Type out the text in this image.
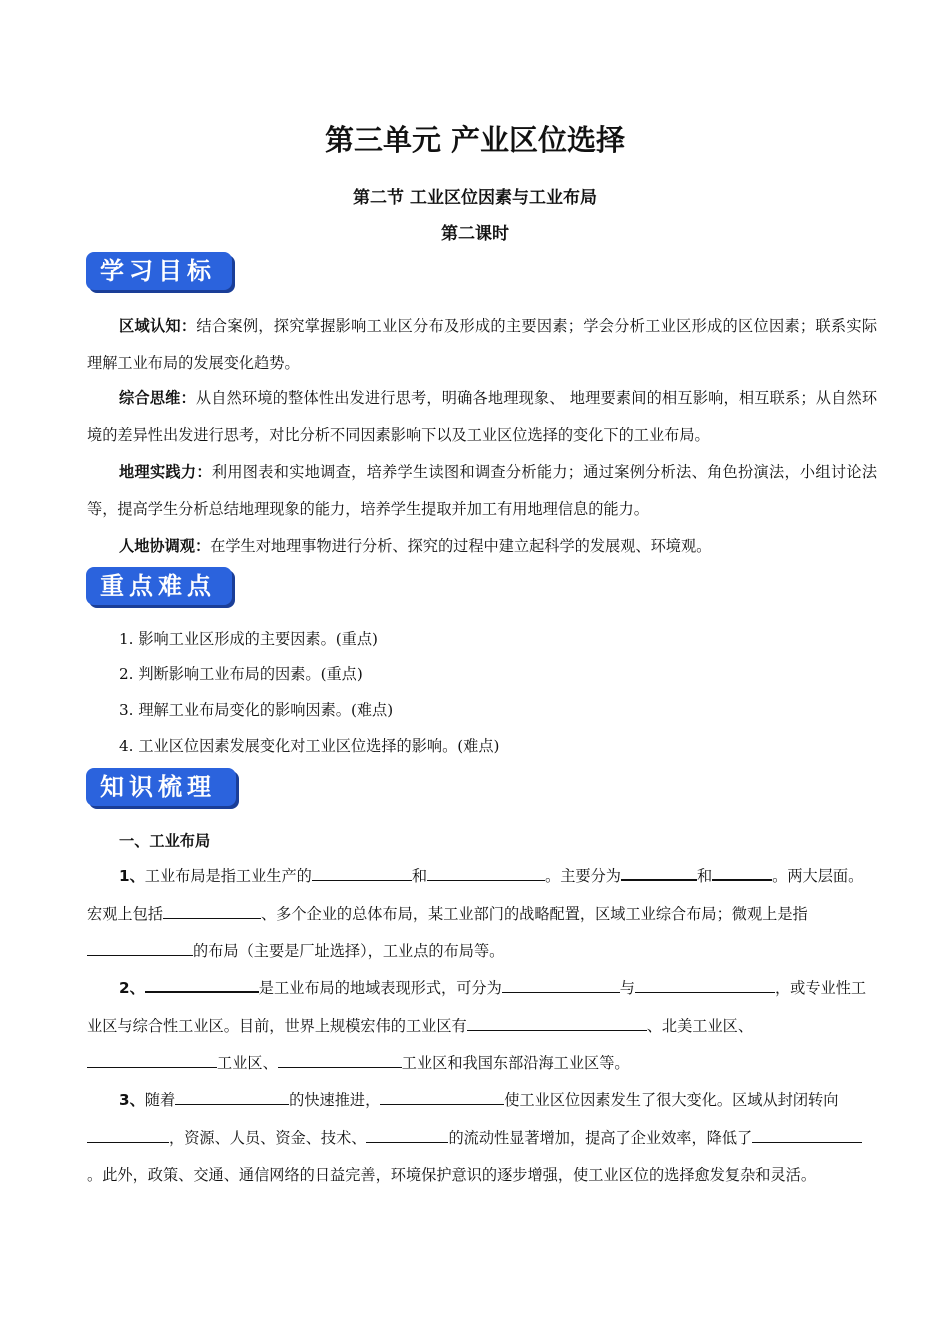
第三单元 产业区位选择
第二节 工业区位因素与工业布局
第二课时
学习目标
区域认知：结合案例，探究掌握影响工业区分布及形成的主要因素；学会分析工业区形成的区位因素；联系实际理解工业布局的发展变化趋势。
综合思维：从自然环境的整体性出发进行思考，明确各地理现象、 地理要素间的相互影响，相互联系；从自然环境的差异性出发进行思考，对比分析不同因素影响下以及工业区位选择的变化下的工业布局。
地理实践力：利用图表和实地调查，培养学生读图和调查分析能力；通过案例分析法、角色扮演法，小组讨论法等，提高学生分析总结地理现象的能力，培养学生提取并加工有用地理信息的能力。
人地协调观：在学生对地理事物进行分析、探究的过程中建立起科学的发展观、环境观。
重点难点
1. 影响工业区形成的主要因素。(重点)
2. 判断影响工业布局的因素。(重点)
3. 理解工业布局变化的影响因素。(难点)
4. 工业区位因素发展变化对工业区位选择的影响。(难点)
知识梳理
一、工业布局
1、工业布局是指工业生产的	和	。主要分为	和	。两大层面。宏观上包括	、多个企业的总体布局，某工业部门的战略配置，区域工业综合布局；微观上是指的布局（主要是厂址选择），工业点的布局等。
2、	是工业布局的地域表现形式，可分为	与	，或专业性工业区与综合性工业区。目前，世界上规模宏伟的工业区有	、北美工业区、工业区、	工业区和我国东部沿海工业区等。
3、随着	的快速推进，	使工业区位因素发生了很大变化。区域从封闭转向，资源、人员、资金、技术、	的流动性显著增加，提高了企业效率，降低了。此外，政策、交通、通信网络的日益完善，环境保护意识的逐步增强，使工业区位的选择愈发复杂和灵活。
